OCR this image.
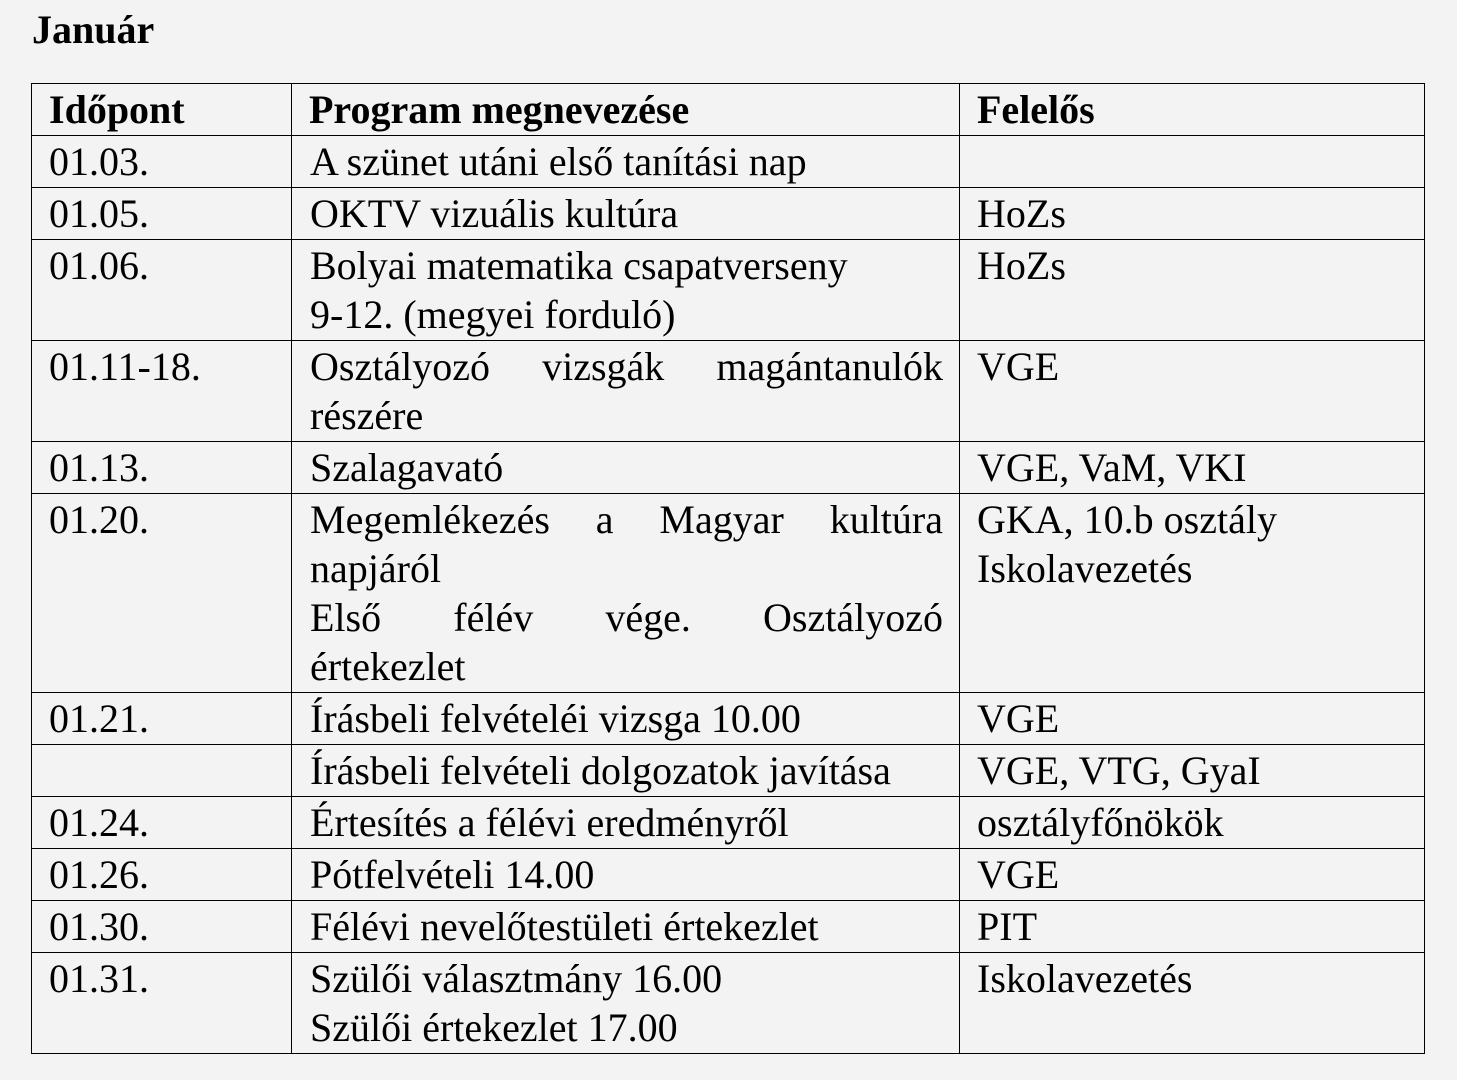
Január
Időpont	Program megnevezése	Felelős
01.03.	A szünet utáni első tanítási nap	

01.05.	OKTV vizuális kultúra	HoZs

01.06.	Bolyai matematika csapatverseny
9-12. (megyei forduló)	HoZs

01.11-18.	Osztályozó vizsgák magántanulók
részére	VGE

01.13.	Szalagavató	VGE, VaM, VKI

01.20.	Megemlékezés a Magyar kultúra
napjáról
Első félév vége. Osztályozó
értekezlet	GKA, 10.b osztály
Iskolavezetés

01.21.	Írásbeli felvételéi vizsga 10.00	VGE

	Írásbeli felvételi dolgozatok javítása	VGE, VTG, GyaI

01.24.	Értesítés a félévi eredményről	osztályfőnökök

01.26.	Pótfelvételi 14.00	VGE

01.30.	Félévi nevelőtestületi értekezlet	PIT

01.31.	Szülői választmány 16.00
Szülői értekezlet 17.00	Iskolavezetés
